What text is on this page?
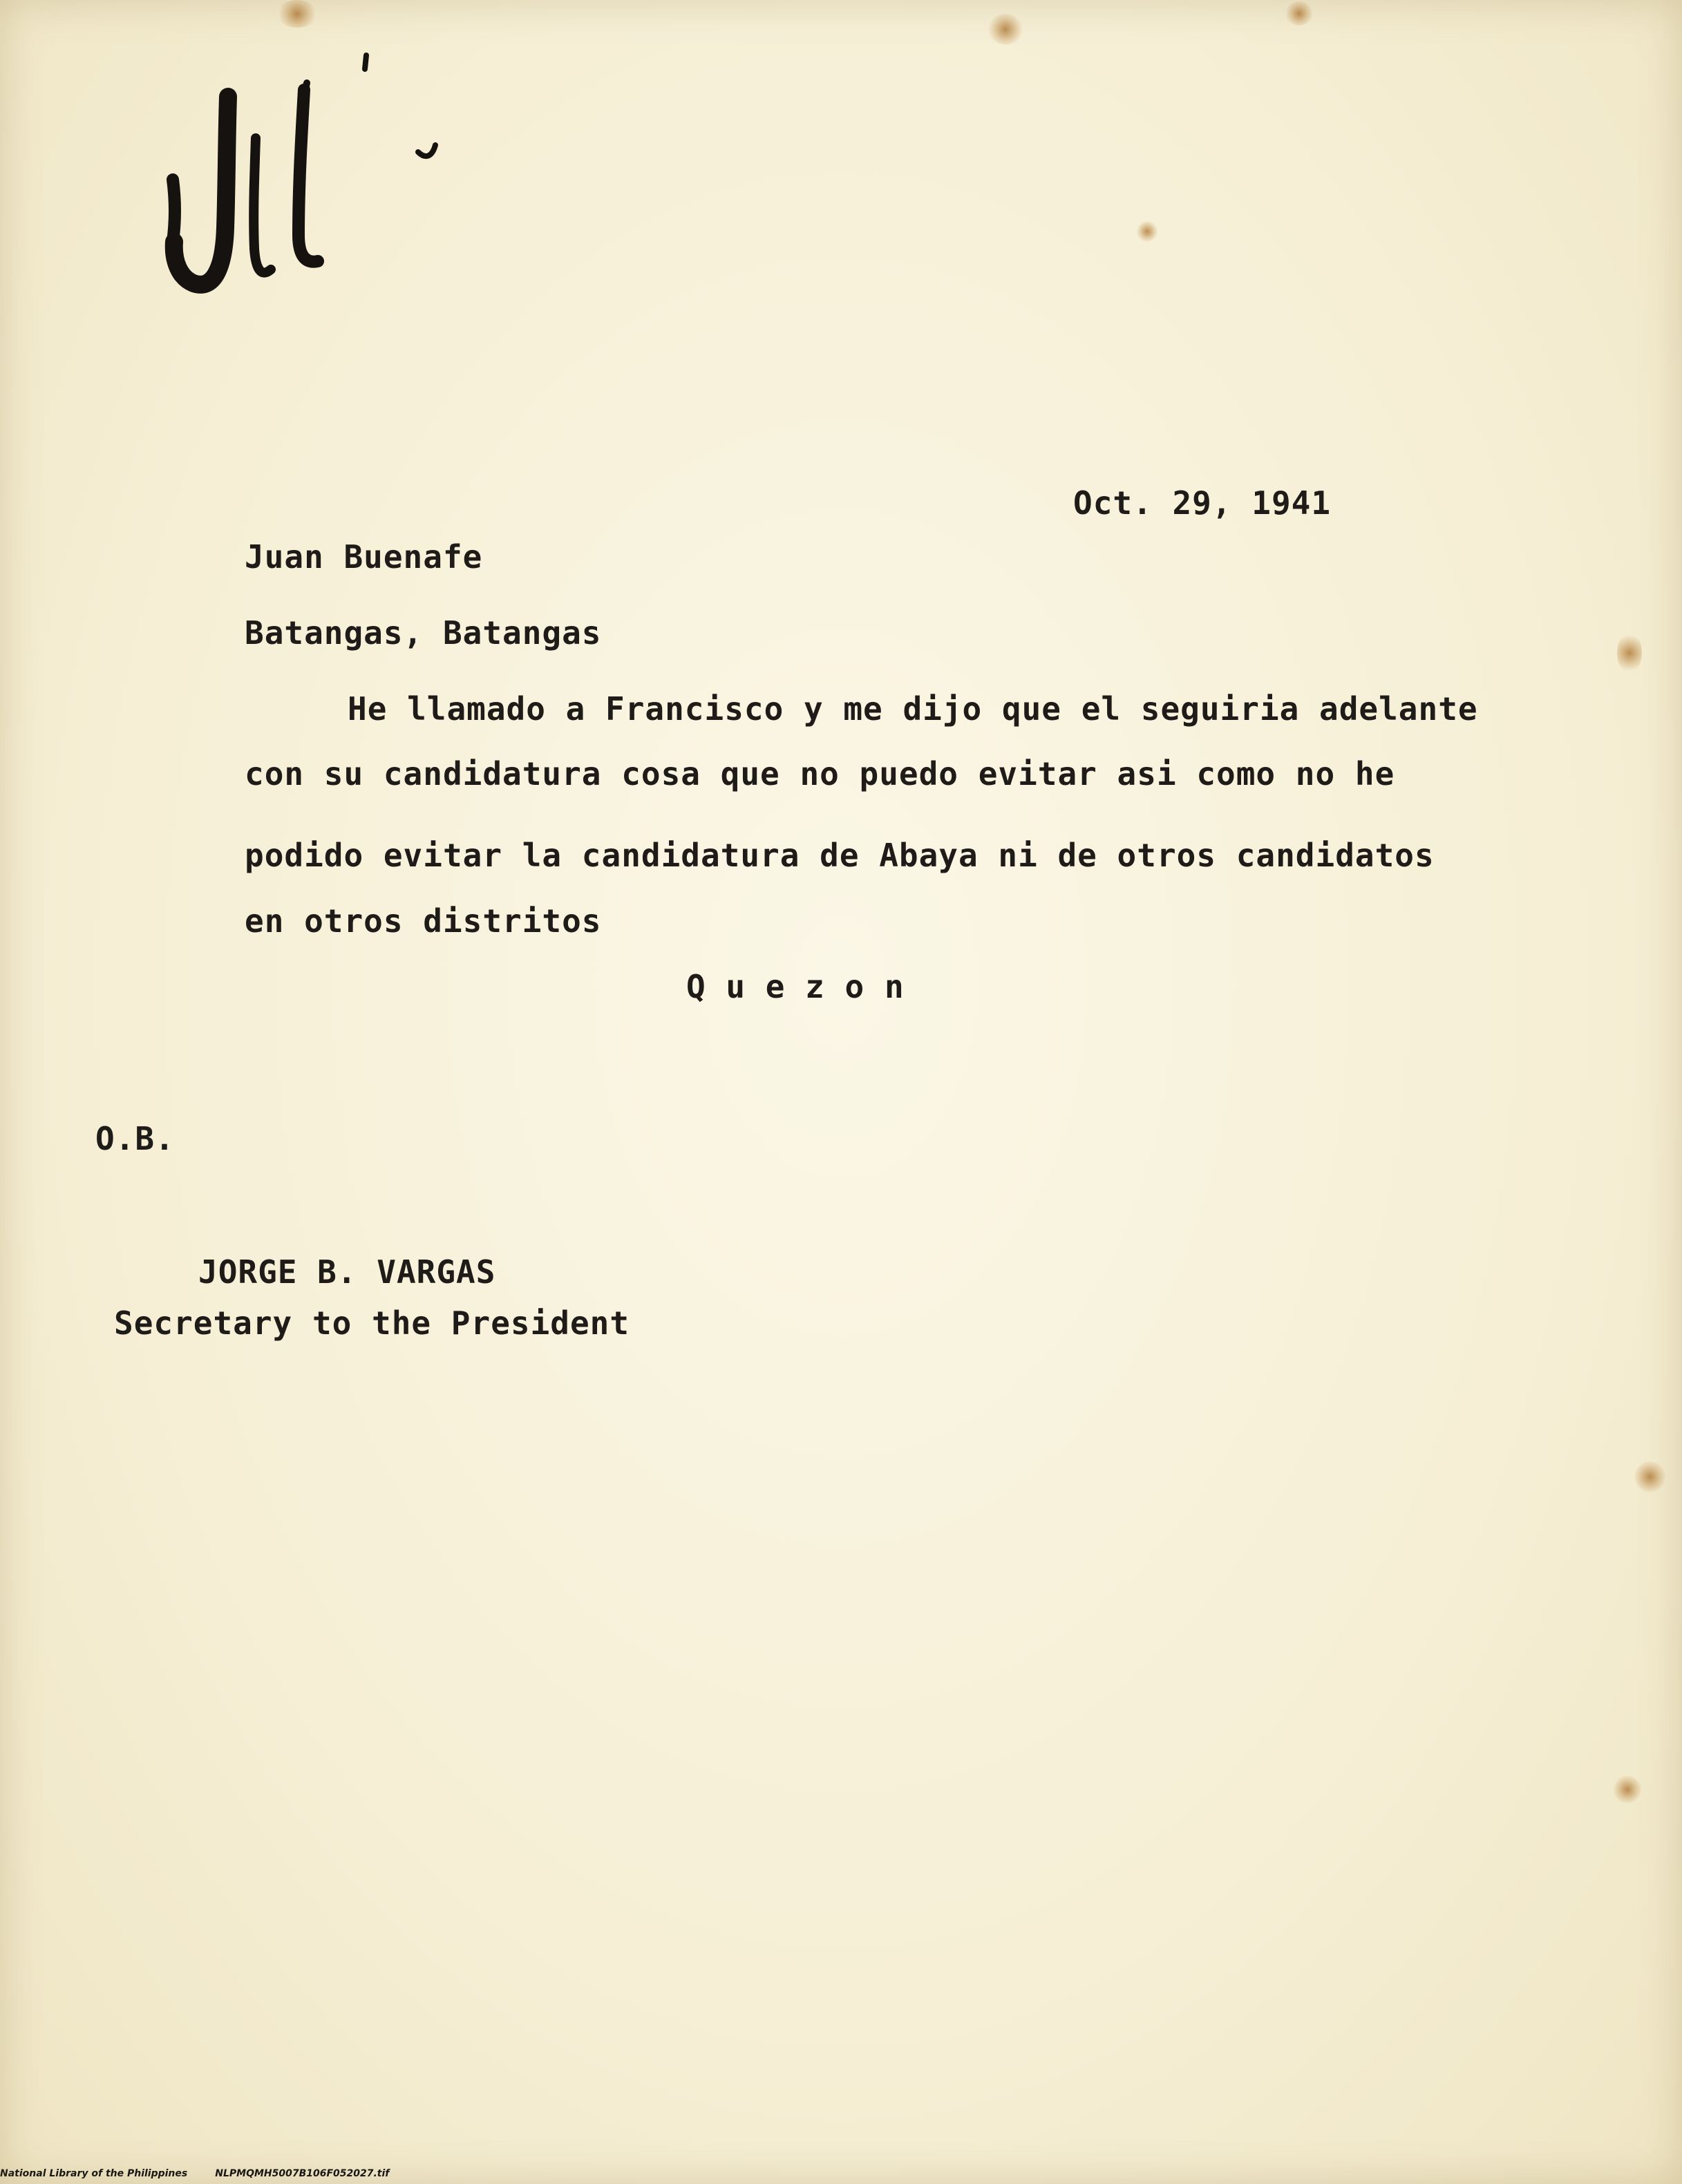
Oct. 29, 1941
Juan Buenafe
Batangas, Batangas
He llamado a Francisco y me dijo que el seguiria adelante
con su candidatura cosa que no puedo evitar asi como no he
podido evitar la candidatura de Abaya ni de otros candidatos
en otros distritos
Q u e z o n
O.B.
JORGE B. VARGAS
Secretary to the President
National Library of the Philippines	NLPMQMH5007B106F052027.tif
